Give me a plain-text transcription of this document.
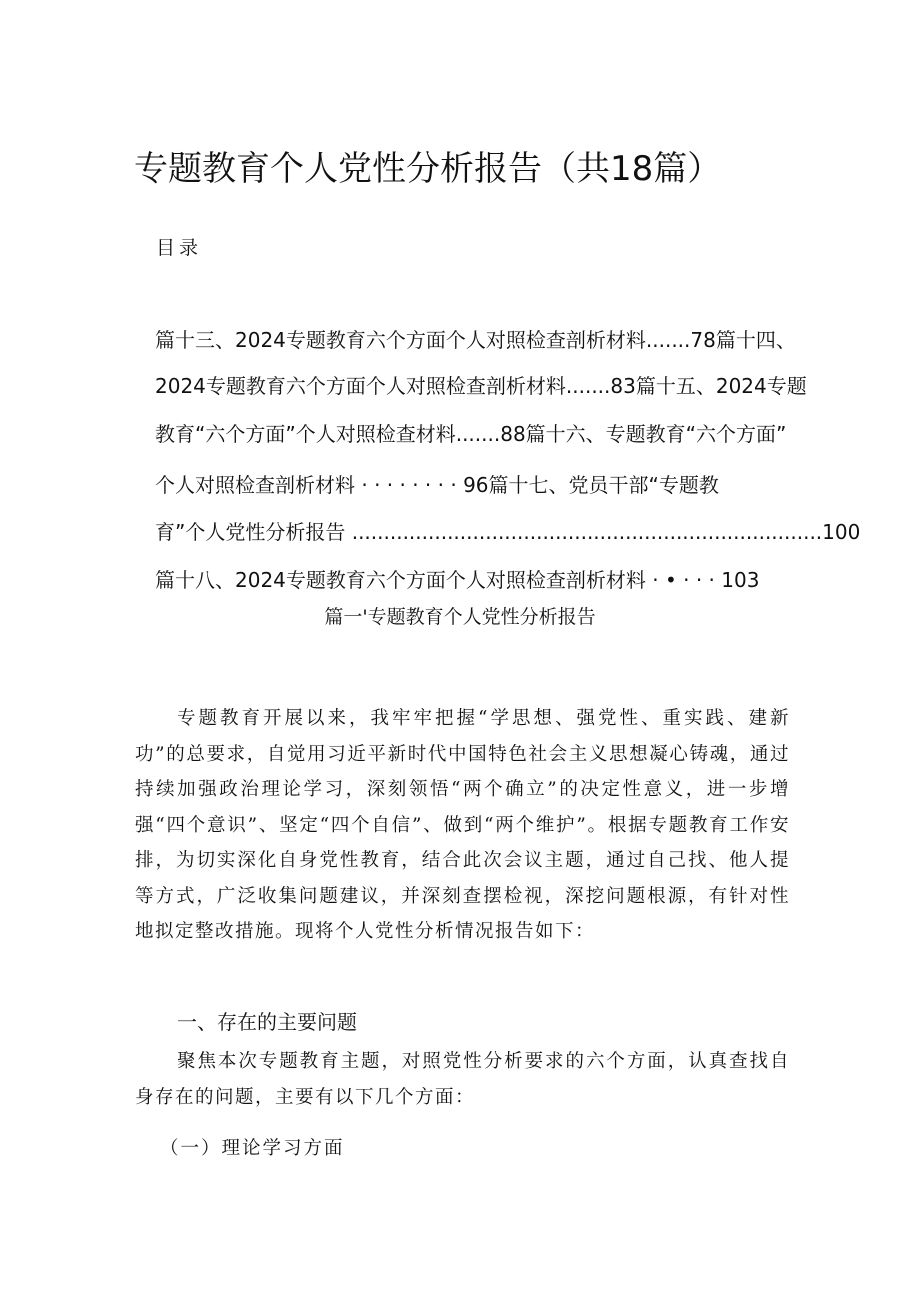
专题教育个人党性分析报告（共18篇）
目录
篇十三、2024专题教育六个方面个人对照检查剖析材料.......78篇十四、
2024专题教育六个方面个人对照检查剖析材料.......83篇十五、2024专题
教育“六个方面”个人对照检查材料.......88篇十六、专题教育“六个方面”
个人对照检查剖析材料 · · · · · · · · 96篇十七、党员干部“专题教
育”个人党性分析报告 ..........................................................................100
篇十八、2024专题教育六个方面个人对照检查剖析材料 · • · · · 103
篇一'专题教育个人党性分析报告

专题教育开展以来，我牢牢把握“学思想、强党性、重实践、建新功”的总要求，自觉用习近平新时代中国特色社会主义思想凝心铸魂，通过持续加强政治理论学习，深刻领悟“两个确立”的决定性意义，进一步增强“四个意识”、坚定“四个自信”、做到“两个维护”。根据专题教育工作安排，为切实深化自身党性教育，结合此次会议主题，通过自己找、他人提等方式，广泛收集问题建议，并深刻查摆检视，深挖问题根源，有针对性地拟定整改措施。现将个人党性分析情况报告如下：

一、存在的主要问题

聚焦本次专题教育主题，对照党性分析要求的六个方面，认真查找自身存在的问题，主要有以下几个方面：

（一）理论学习方面
